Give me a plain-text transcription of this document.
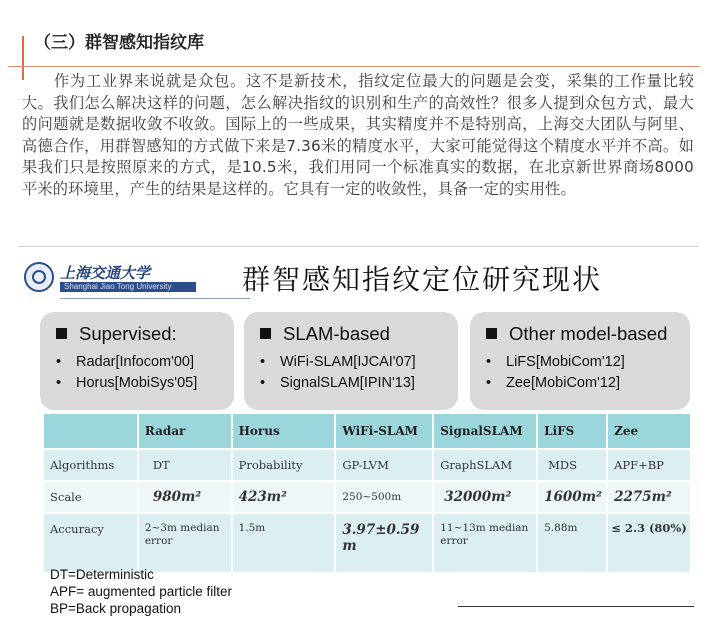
（三）群智感知指纹库
作为工业界来说就是众包。这不是新技术，指纹定位最大的问题是会变，采集的工作量比较大。我们怎么解决这样的问题，怎么解决指纹的识别和生产的高效性？很多人提到众包方式，最大的问题就是数据收敛不收敛。国际上的一些成果，其实精度并不是特别高，上海交大团队与阿里、高德合作，用群智感知的方式做下来是7.36米的精度水平，大家可能觉得这个精度水平并不高。如果我们只是按照原来的方式，是10.5米，我们用同一个标准真实的数据，在北京新世界商场8000平米的环境里，产生的结果是这样的。它具有一定的收敛性，具备一定的实用性。
上海交通大学
Shanghai Jiao Tong University	群智感知指纹定位研究现状
Supervised:
• Radar[Infocom'00]
• Horus[MobiSys'05]
SLAM-based
• WiFi-SLAM[IJCAI'07]
• SignalSLAM[IPIN'13]
Other model-based
• LiFS[MobiCom'12]
• Zee[MobiCom'12]
	Radar	Horus	WiFi-SLAM	SignalSLAM	LiFS	Zee
Algorithms	DT	Probability	GP-LVM	GraphSLAM	MDS	APF+BP
Scale	980m²	423m²	250~500m	32000m²	1600m²	2275m²
Accuracy	2~3m median error	1.5m	3.97±0.59 m	11~13m median error	5.88m	≤ 2.3 (80%)
DT=Deterministic
APF= augmented particle filter
BP=Back propagation
